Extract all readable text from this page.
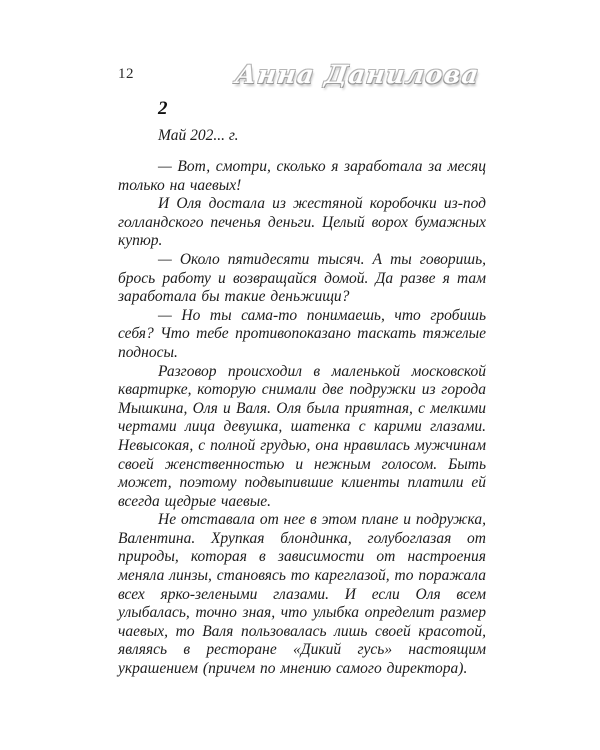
12	Анна Данилова
2
Май 202... г.

— Вот, смотри, сколько я заработала за месяц только на чаевых!

И Оля достала из жестяной коробочки из-под голландского печенья деньги. Целый ворох бумажных купюр.

— Около пятидесяти тысяч. А ты говоришь, брось работу и возвращайся домой. Да разве я там заработала бы такие деньжищи?

— Но ты сама-то понимаешь, что гробишь себя? Что тебе противопоказано таскать тяжелые подносы.

Разговор происходил в маленькой московской квартирке, которую снимали две подружки из города Мышкина, Оля и Валя. Оля была приятная, с мелкими чертами лица девушка, шатенка с карими глазами. Невысокая, с полной грудью, она нравилась мужчинам своей женственностью и нежным голосом. Быть может, поэтому подвыпившие клиенты платили ей всегда щедрые чаевые.

Не отставала от нее в этом плане и подружка, Валентина. Хрупкая блондинка, голубоглазая от природы, которая в зависимости от настроения меняла линзы, становясь то кареглазой, то поражала всех ярко-зелеными глазами. И если Оля всем улыбалась, точно зная, что улыбка определит размер чаевых, то Валя пользовалась лишь своей красотой, являясь в ресторане «Дикий гусь» настоящим украшением (причем по мнению самого директора).
